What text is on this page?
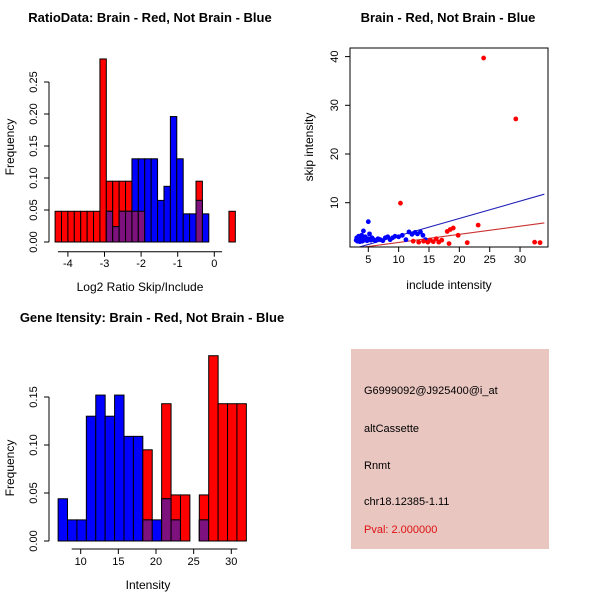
0.00
0.05
0.10
0.15
0.20
0.25
-4 -3 -2 -1	0
RatioData: Brain - Red, Not Brain - Blue
Log2 Ratio Skip/Include
Frequency
5 10 15 20 25 30
10
20
30
40
Brain - Red, Not Brain - Blue
include intensity
skip intensity
0.00
0.05
0.10
0.15
10 15 20 25 30
Gene Itensity: Brain - Red, Not Brain - Blue
Intensity
Frequency
G6999092@J925400@i_at
altCassette
Rnmt
chr18.12385-1.11
Pval: 2.000000
